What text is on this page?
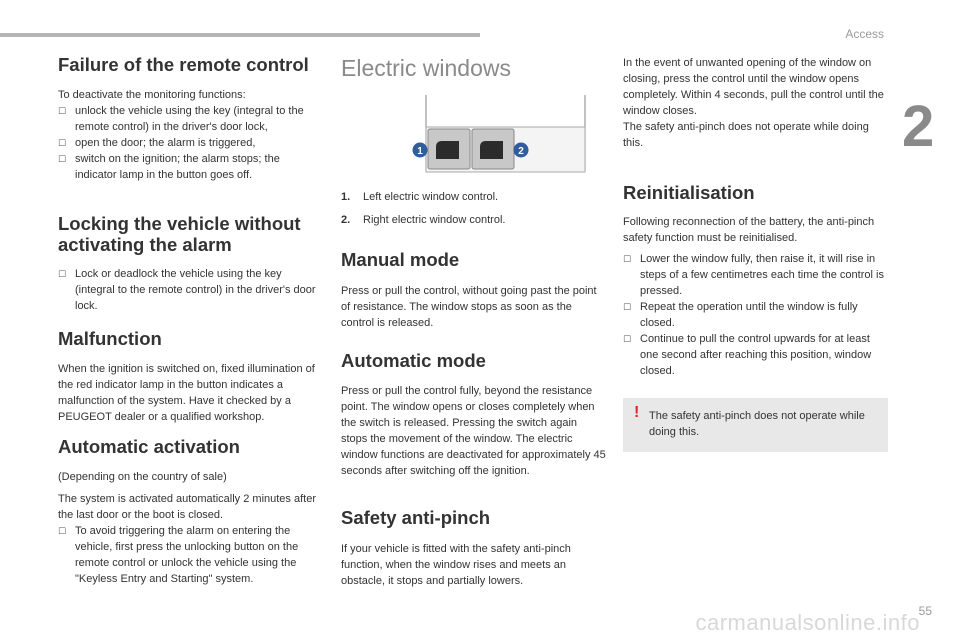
Access
2
Failure of the remote control

To deactivate the monitoring functions:

☐ unlock the vehicle using the key (integral to the remote control) in the driver's door lock,
☐ open the door; the alarm is triggered,
☐ switch on the ignition; the alarm stops; the indicator lamp in the button goes off.
Locking the vehicle without activating the alarm
☐ Lock or deadlock the vehicle using the key (integral to the remote control) in the driver's door lock.
Malfunction

When the ignition is switched on, fixed illumination of the red indicator lamp in the button indicates a malfunction of the system. Have it checked by a PEUGEOT dealer or a qualified workshop.

Automatic activation

(Depending on the country of sale)

The system is activated automatically 2 minutes after the last door or the boot is closed.

☐ To avoid triggering the alarm on entering the vehicle, first press the unlocking button on the remote control or unlock the vehicle using the "Keyless Entry and Starting" system.
Electric windows
1	2
1.	Left electric window control.
2.	Right electric window control.
Manual mode

Press or pull the control, without going past the point of resistance. The window stops as soon as the control is released.

Automatic mode

Press or pull the control fully, beyond the resistance point. The window opens or closes completely when the switch is released. Pressing the switch again stops the movement of the window. The electric window functions are deactivated for approximately 45 seconds after switching off the ignition.

Safety anti-pinch

If your vehicle is fitted with the safety anti-pinch function, when the window rises and meets an obstacle, it stops and partially lowers.

In the event of unwanted opening of the window on closing, press the control until the window opens completely. Within 4 seconds, pull the control until the window closes.

The safety anti-pinch does not operate while doing this.

Reinitialisation

Following reconnection of the battery, the anti-pinch safety function must be reinitialised.

☐ Lower the window fully, then raise it, it will rise in steps of a few centimetres each time the control is pressed.
☐ Repeat the operation until the window is fully closed.
☐ Continue to pull the control upwards for at least one second after reaching this position, window closed.
! The safety anti-pinch does not operate while doing this.

55
carmanualsonline.info
